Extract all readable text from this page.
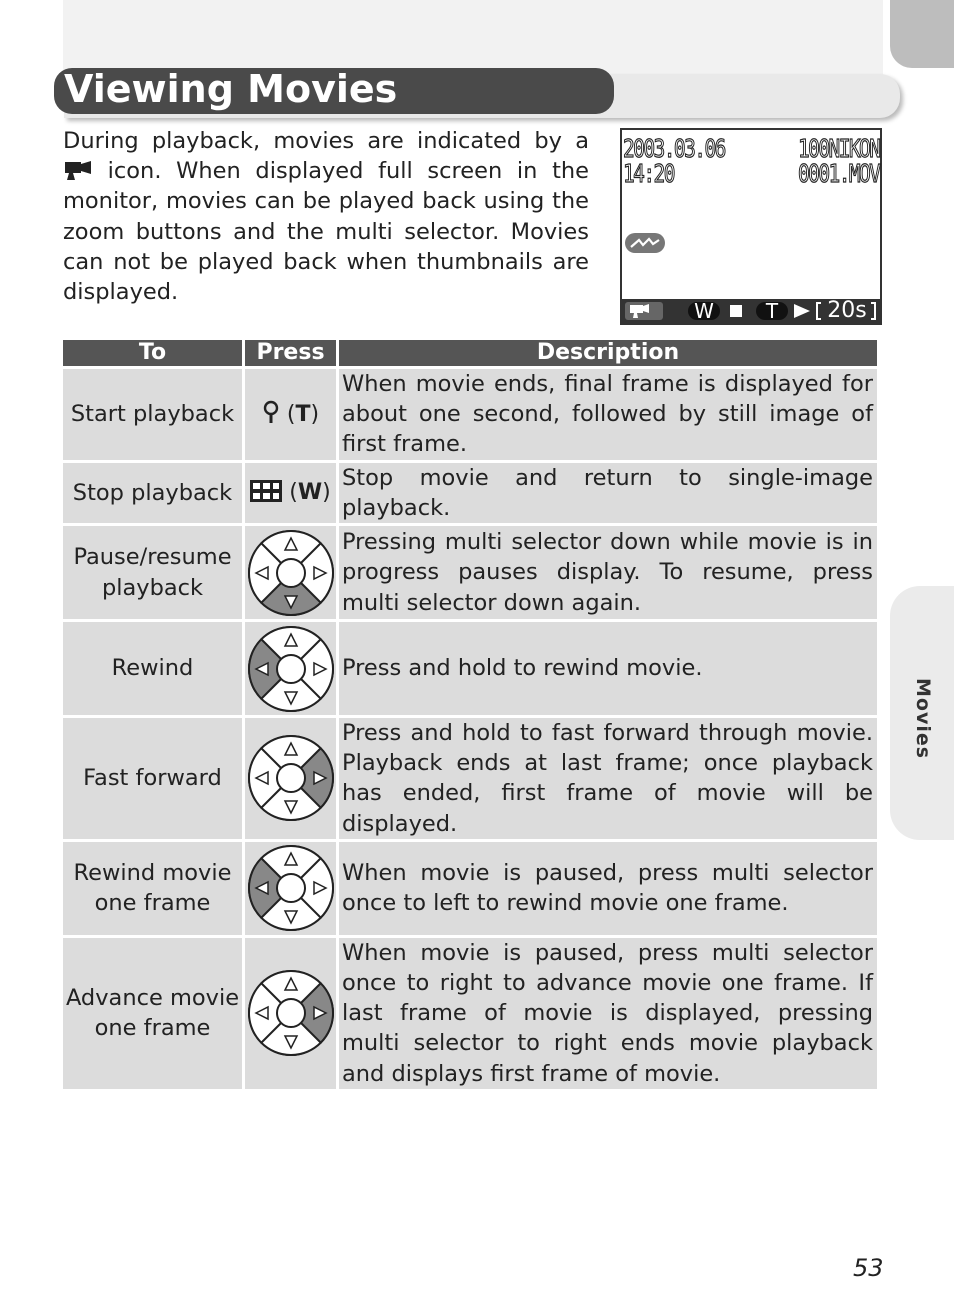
Movies
Viewing Movies

During playback, movies are indicated by a  icon. When displayed full screen in the monitor, movies can be played back using the zoom buttons and the multi selector. Movies can not be played back when thumbnails are displayed.

2003.03.06
14:20
100NIKON
0001.MOV
W	T 20s
To	Press	Description
Start playback	(T)	When movie ends, final frame is displayed for about one second, followed by still image of first frame.
Stop playback	(W)	Stop movie and return to single-image playback.
Pause/resume playback		Pressing multi selector down while movie is in progress pauses display. To resume, press multi selector down again.
Rewind		Press and hold to rewind movie.
Fast forward		Press and hold to fast forward through movie. Playback ends at last frame; once playback has ended, first frame of movie will be displayed.
Rewind movie one frame		When movie is paused, press multi selector once to left to rewind movie one frame.
Advance movie one frame		When movie is paused, press multi selector once to right to advance movie one frame. If last frame of movie is displayed, pressing multi selector to right ends movie playback and displays first frame of movie.
53
